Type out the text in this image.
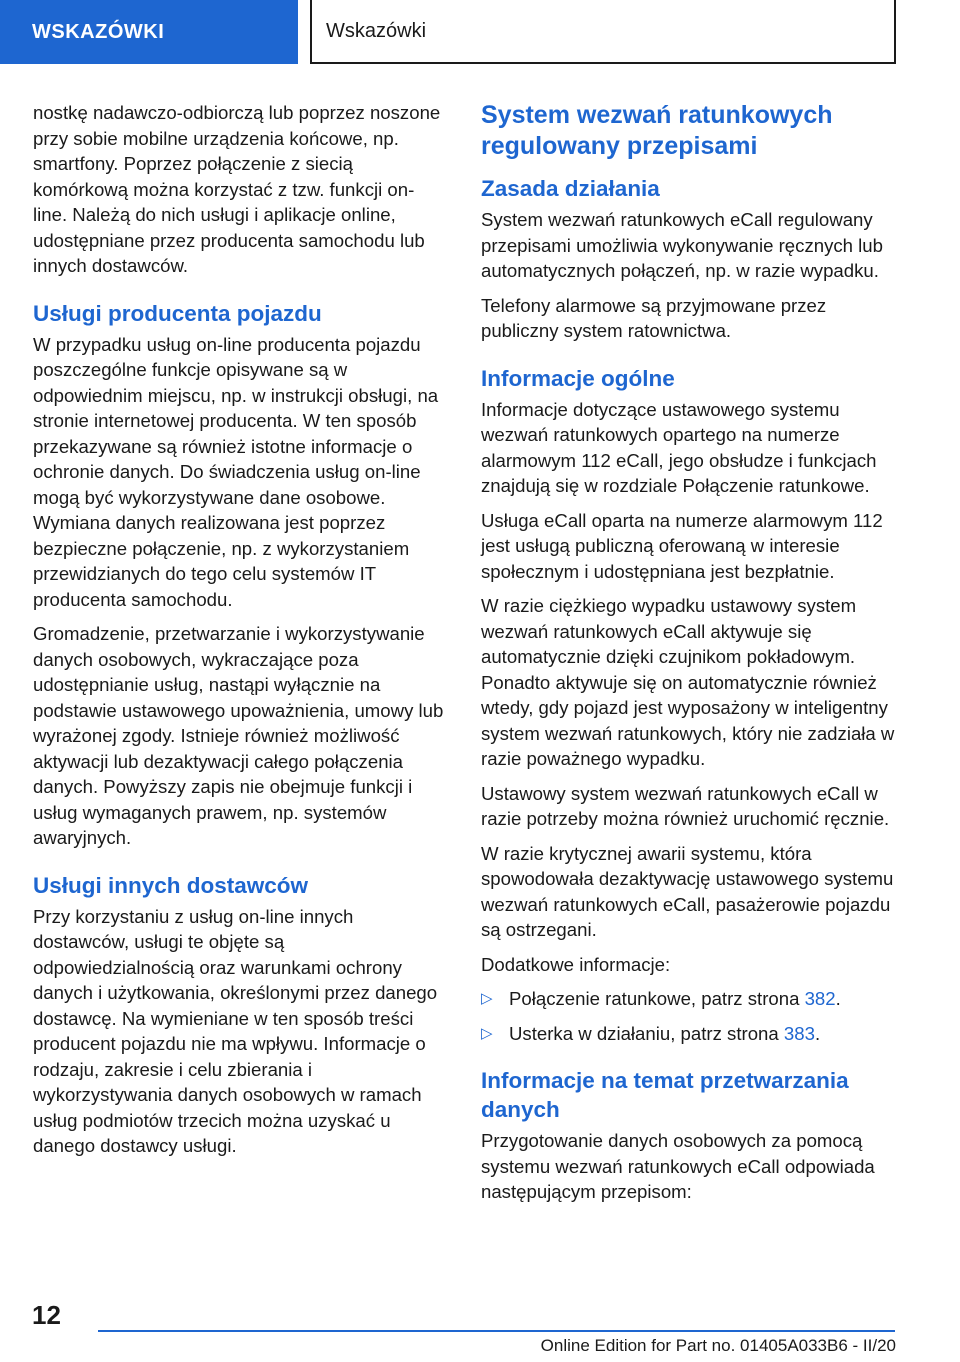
WSKAZÓWKI	Wskazówki

nostkę nadawczo-odbiorczą lub poprzez noszone przy sobie mobilne urządzenia końcowe, np. smartfony. Poprzez połączenie z siecią komórkową można korzystać z tzw. funkcji on-line. Należą do nich usługi i aplikacje online, udostępniane przez producenta samochodu lub innych dostawców.

Usługi producenta pojazdu

W przypadku usług on-line producenta pojazdu poszczególne funkcje opisywane są w odpowiednim miejscu, np. w instrukcji obsługi, na stronie internetowej producenta. W ten sposób przekazywane są również istotne informacje o ochronie danych. Do świadczenia usług on-line mogą być wykorzystywane dane osobowe. Wymiana danych realizowana jest poprzez bezpieczne połączenie, np. z wykorzystaniem przewidzianych do tego celu systemów IT producenta samochodu.

Gromadzenie, przetwarzanie i wykorzystywanie danych osobowych, wykraczające poza udostępnianie usług, nastąpi wyłącznie na podstawie ustawowego upoważnienia, umowy lub wyrażonej zgody. Istnieje również możliwość aktywacji lub dezaktywacji całego połączenia danych. Powyższy zapis nie obejmuje funkcji i usług wymaganych prawem, np. systemów awaryjnych.

Usługi innych dostawców

Przy korzystaniu z usług on-line innych dostawców, usługi te objęte są odpowiedzialnością oraz warunkami ochrony danych i użytkowania, określonymi przez danego dostawcę. Na wymieniane w ten sposób treści producent pojazdu nie ma wpływu. Informacje o rodzaju, zakresie i celu zbierania i wykorzystywania danych osobowych w ramach usług podmiotów trzecich można uzyskać u danego dostawcy usługi.

System wezwań ratunkowych regulowany przepisami
Zasada działania

System wezwań ratunkowych eCall regulowany przepisami umożliwia wykonywanie ręcznych lub automatycznych połączeń, np. w razie wypadku.

Telefony alarmowe są przyjmowane przez publiczny system ratownictwa.

Informacje ogólne

Informacje dotyczące ustawowego systemu wezwań ratunkowych opartego na numerze alarmowym 112 eCall, jego obsłudze i funkcjach znajdują się w rozdziale Połączenie ratunkowe.

Usługa eCall oparta na numerze alarmowym 112 jest usługą publiczną oferowaną w interesie społecznym i udostępniana jest bezpłatnie.

W razie ciężkiego wypadku ustawowy system wezwań ratunkowych eCall aktywuje się automatycznie dzięki czujnikom pokładowym. Ponadto aktywuje się on automatycznie również wtedy, gdy pojazd jest wyposażony w inteligentny system wezwań ratunkowych, który nie zadziała w razie poważnego wypadku.

Ustawowy system wezwań ratunkowych eCall w razie potrzeby można również uruchomić ręcznie.

W razie krytycznej awarii systemu, która spowodowała dezaktywację ustawowego systemu wezwań ratunkowych eCall, pasażerowie pojazdu są ostrzegani.

Dodatkowe informacje:

▷ Połączenie ratunkowe, patrz strona 382.
▷ Usterka w działaniu, patrz strona 383.
Informacje na temat przetwarzania danych

Przygotowanie danych osobowych za pomocą systemu wezwań ratunkowych eCall odpowiada następującym przepisom:

12
Online Edition for Part no. 01405A033B6 - II/20
